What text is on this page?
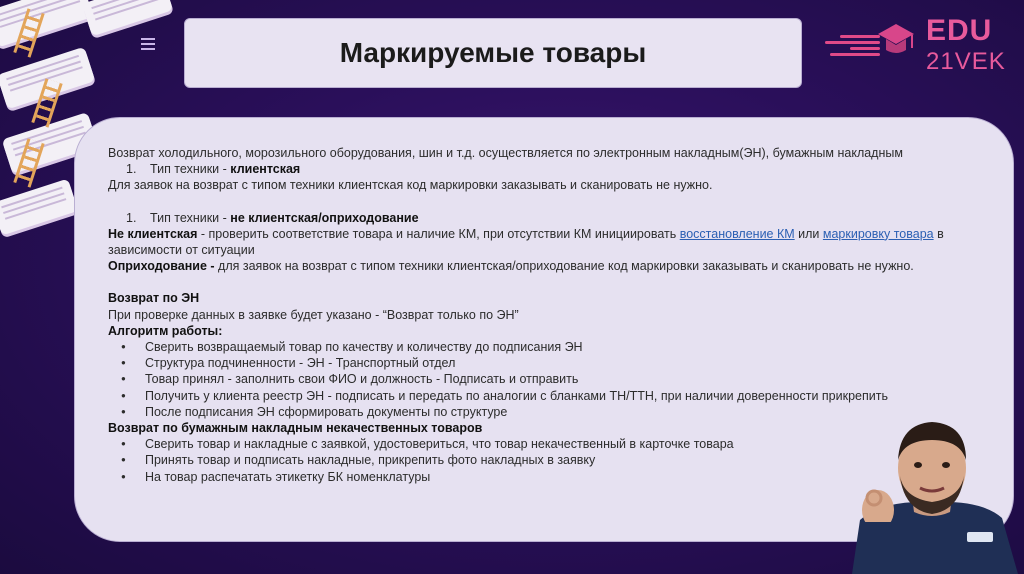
Маркируемые товары
EDU
21VEK

Возврат холодильного, морозильного оборудования, шин и т.д. осуществляется по электронным накладным(ЭН), бумажным накладным

1. Тип техники - клиентская

Для заявок на возврат с типом техники клиентская код маркировки заказывать и сканировать не нужно.

1. Тип техники - не клиентская/оприходование

Не клиентская - проверить соответствие товара и наличие КМ, при отсутствии КМ инициировать восстановление КМ или маркировку товара в зависимости от ситуации

Оприходование - для заявок на возврат с типом техники клиентская/оприходование код маркировки заказывать и сканировать не нужно.

Возврат по ЭН

При проверке данных в заявке будет указано - “Возврат только по ЭН”

Алгоритм работы:

● Сверить возвращаемый товар по качеству и количеству до подписания ЭН
● Структура подчиненности - ЭН - Транспортный отдел
● Товар принял - заполнить свои ФИО и должность - Подписать и отправить
● Получить у клиента реестр ЭН - подписать и передать по аналогии с бланками ТН/ТТН, при наличии доверенности прикрепить
● После подписания ЭН сформировать документы по структуре

Возврат по бумажным накладным некачественных товаров

● Сверить товар и накладные с заявкой, удостовериться, что товар некачественный в карточке товара
● Принять товар и подписать накладные, прикрепить фото накладных в заявку
● На товар распечатать этикетку БК номенклатуры
